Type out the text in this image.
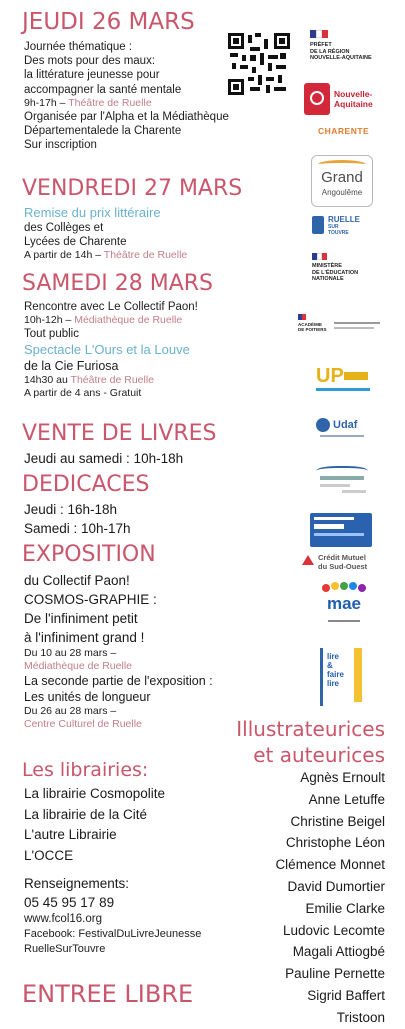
JEUDI 26 MARS
Journée thématique :
Des mots pour des maux:
la littérature jeunesse pour
accompagner la santé mentale
9h-17h – Théâtre de Ruelle
Organisée par l'Alpha et la Médiathèque
Départementalede la Charente
Sur inscription
VENDREDI 27 MARS
Remise du prix littéraire
des Collèges et
Lycées de Charente
A partir de 14h – Théâtre de Ruelle
SAMEDI 28 MARS
Rencontre avec Le Collectif Paon!
10h-12h – Médiathèque de Ruelle
Tout public
Spectacle L'Ours et la Louve
de la Cie Furiosa
14h30 au Théâtre de Ruelle
A partir de 4 ans - Gratuit
VENTE DE LIVRES
Jeudi au samedi : 10h-18h
DEDICACES
Jeudi : 16h-18h
Samedi : 10h-17h
EXPOSITION
du Collectif Paon!
COSMOS-GRAPHIE :
De l'infiniment petit
à l'infiniment grand !
Du 10 au 28 mars –
Médiathèque de Ruelle
La seconde partie de l'exposition :
Les unités de longueur
Du 26 au 28 mars –
Centre Culturel de Ruelle
Les librairies:
La librairie Cosmopolite
La librairie de la Cité
L'autre Librairie
L'OCCE
Renseignements:
05 45 95 17 89
www.fcol16.org
Facebook: FestivalDuLivreJeunesse
RuelleSurTouvre
ENTREE LIBRE
Illustrateurices
et auteurices
Agnès Ernoult
Anne Letuffe
Christine Beigel
Christophe Léon
Clémence Monnet
David Dumortier
Emilie Clarke
Ludovic Lecomte
Magali Attiogbé
Pauline Pernette
Sigrid Baffert
Tristoon
PRÉFET
DE LA RÉGION
NOUVELLE-AQUITAINE
Nouvelle-
Aquitaine
CHARENTE
Grand
Angoulême
RUELLE
SUR
TOUVRE
MINISTÈRE
DE L'ÉDUCATION
NATIONALE
ACADÉMIE
DE POITIERS
UP
Udaf
Crédit Mutuel
du Sud-Ouest
mae
lire
&
faire
lire
